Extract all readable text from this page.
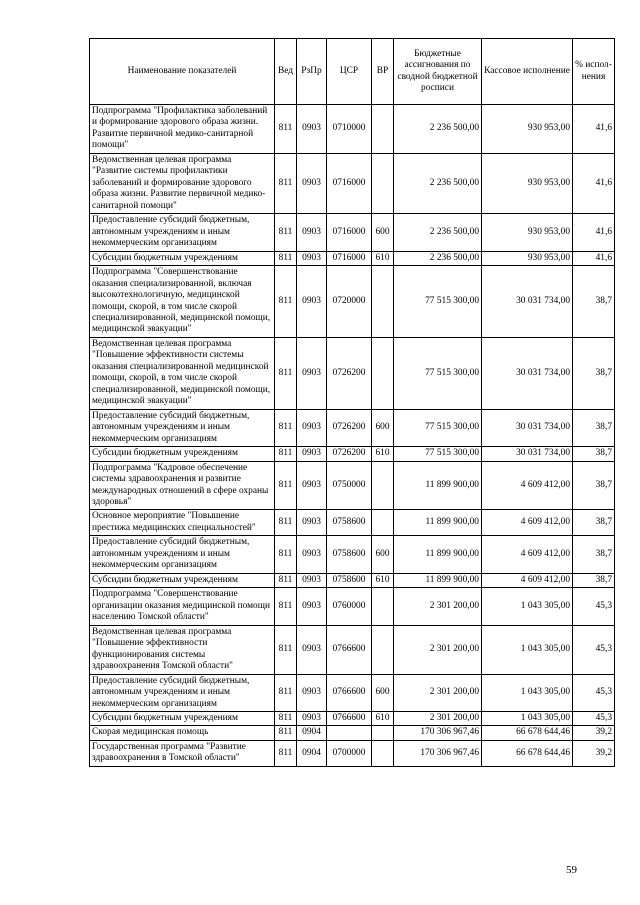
Наименование показателей	Вед	РзПр	ЦСР	ВР	Бюджетные ассигнования по сводной бюджетной росписи	Кассовое исполнение	% испол- нения
Подпрограмма "Профилактика заболеваний и формирование здорового образа жизни. Развитие первичной медико-санитарной помощи"	811	0903	0710000		2 236 500,00	930 953,00	41,6
Ведомственная целевая программа "Развитие системы профилактики заболеваний и формирование здорового образа жизни. Развитие первичной медико-санитарной помощи"	811	0903	0716000		2 236 500,00	930 953,00	41,6
Предоставление субсидий бюджетным, автономным учреждениям и иным некоммерческим организациям	811	0903	0716000	600	2 236 500,00	930 953,00	41,6
Субсидии бюджетным учреждениям	811	0903	0716000	610	2 236 500,00	930 953,00	41,6
Подпрограмма "Совершенствование оказания специализированной, включая высокотехнологичную, медицинской помощи, скорой, в том числе скорой специализированной, медицинской помощи, медицинской эвакуации"	811	0903	0720000		77 515 300,00	30 031 734,00	38,7
Ведомственная целевая программа "Повышение эффективности системы оказания специализированной медицинской помощи, скорой, в том числе скорой специализированной, медицинской помощи, медицинской эвакуации"	811	0903	0726200		77 515 300,00	30 031 734,00	38,7
Предоставление субсидий бюджетным, автономным учреждениям и иным некоммерческим организациям	811	0903	0726200	600	77 515 300,00	30 031 734,00	38,7
Субсидии бюджетным учреждениям	811	0903	0726200	610	77 515 300,00	30 031 734,00	38,7
Подпрограмма "Кадровое обеспечение системы здравоохранения и развитие международных отношений в сфере охраны здоровья"	811	0903	0750000		11 899 900,00	4 609 412,00	38,7
Основное мероприятие "Повышение престижа медицинских специальностей"	811	0903	0758600		11 899 900,00	4 609 412,00	38,7
Предоставление субсидий бюджетным, автономным учреждениям и иным некоммерческим организациям	811	0903	0758600	600	11 899 900,00	4 609 412,00	38,7
Субсидии бюджетным учреждениям	811	0903	0758600	610	11 899 900,00	4 609 412,00	38,7
Подпрограмма "Совершенствование организации оказания медицинской помощи населению Томской области"	811	0903	0760000		2 301 200,00	1 043 305,00	45,3
Ведомственная целевая программа "Повышение эффективности функционирования системы здравоохранения Томской области"	811	0903	0766600		2 301 200,00	1 043 305,00	45,3
Предоставление субсидий бюджетным, автономным учреждениям и иным некоммерческим организациям	811	0903	0766600	600	2 301 200,00	1 043 305,00	45,3
Субсидии бюджетным учреждениям	811	0903	0766600	610	2 301 200,00	1 043 305,00	45,3
Скорая медицинская помощь	811	0904			170 306 967,46	66 678 644,46	39,2
Государственная программа "Развитие здравоохранения в Томской области"	811	0904	0700000		170 306 967,46	66 678 644,46	39,2
59
